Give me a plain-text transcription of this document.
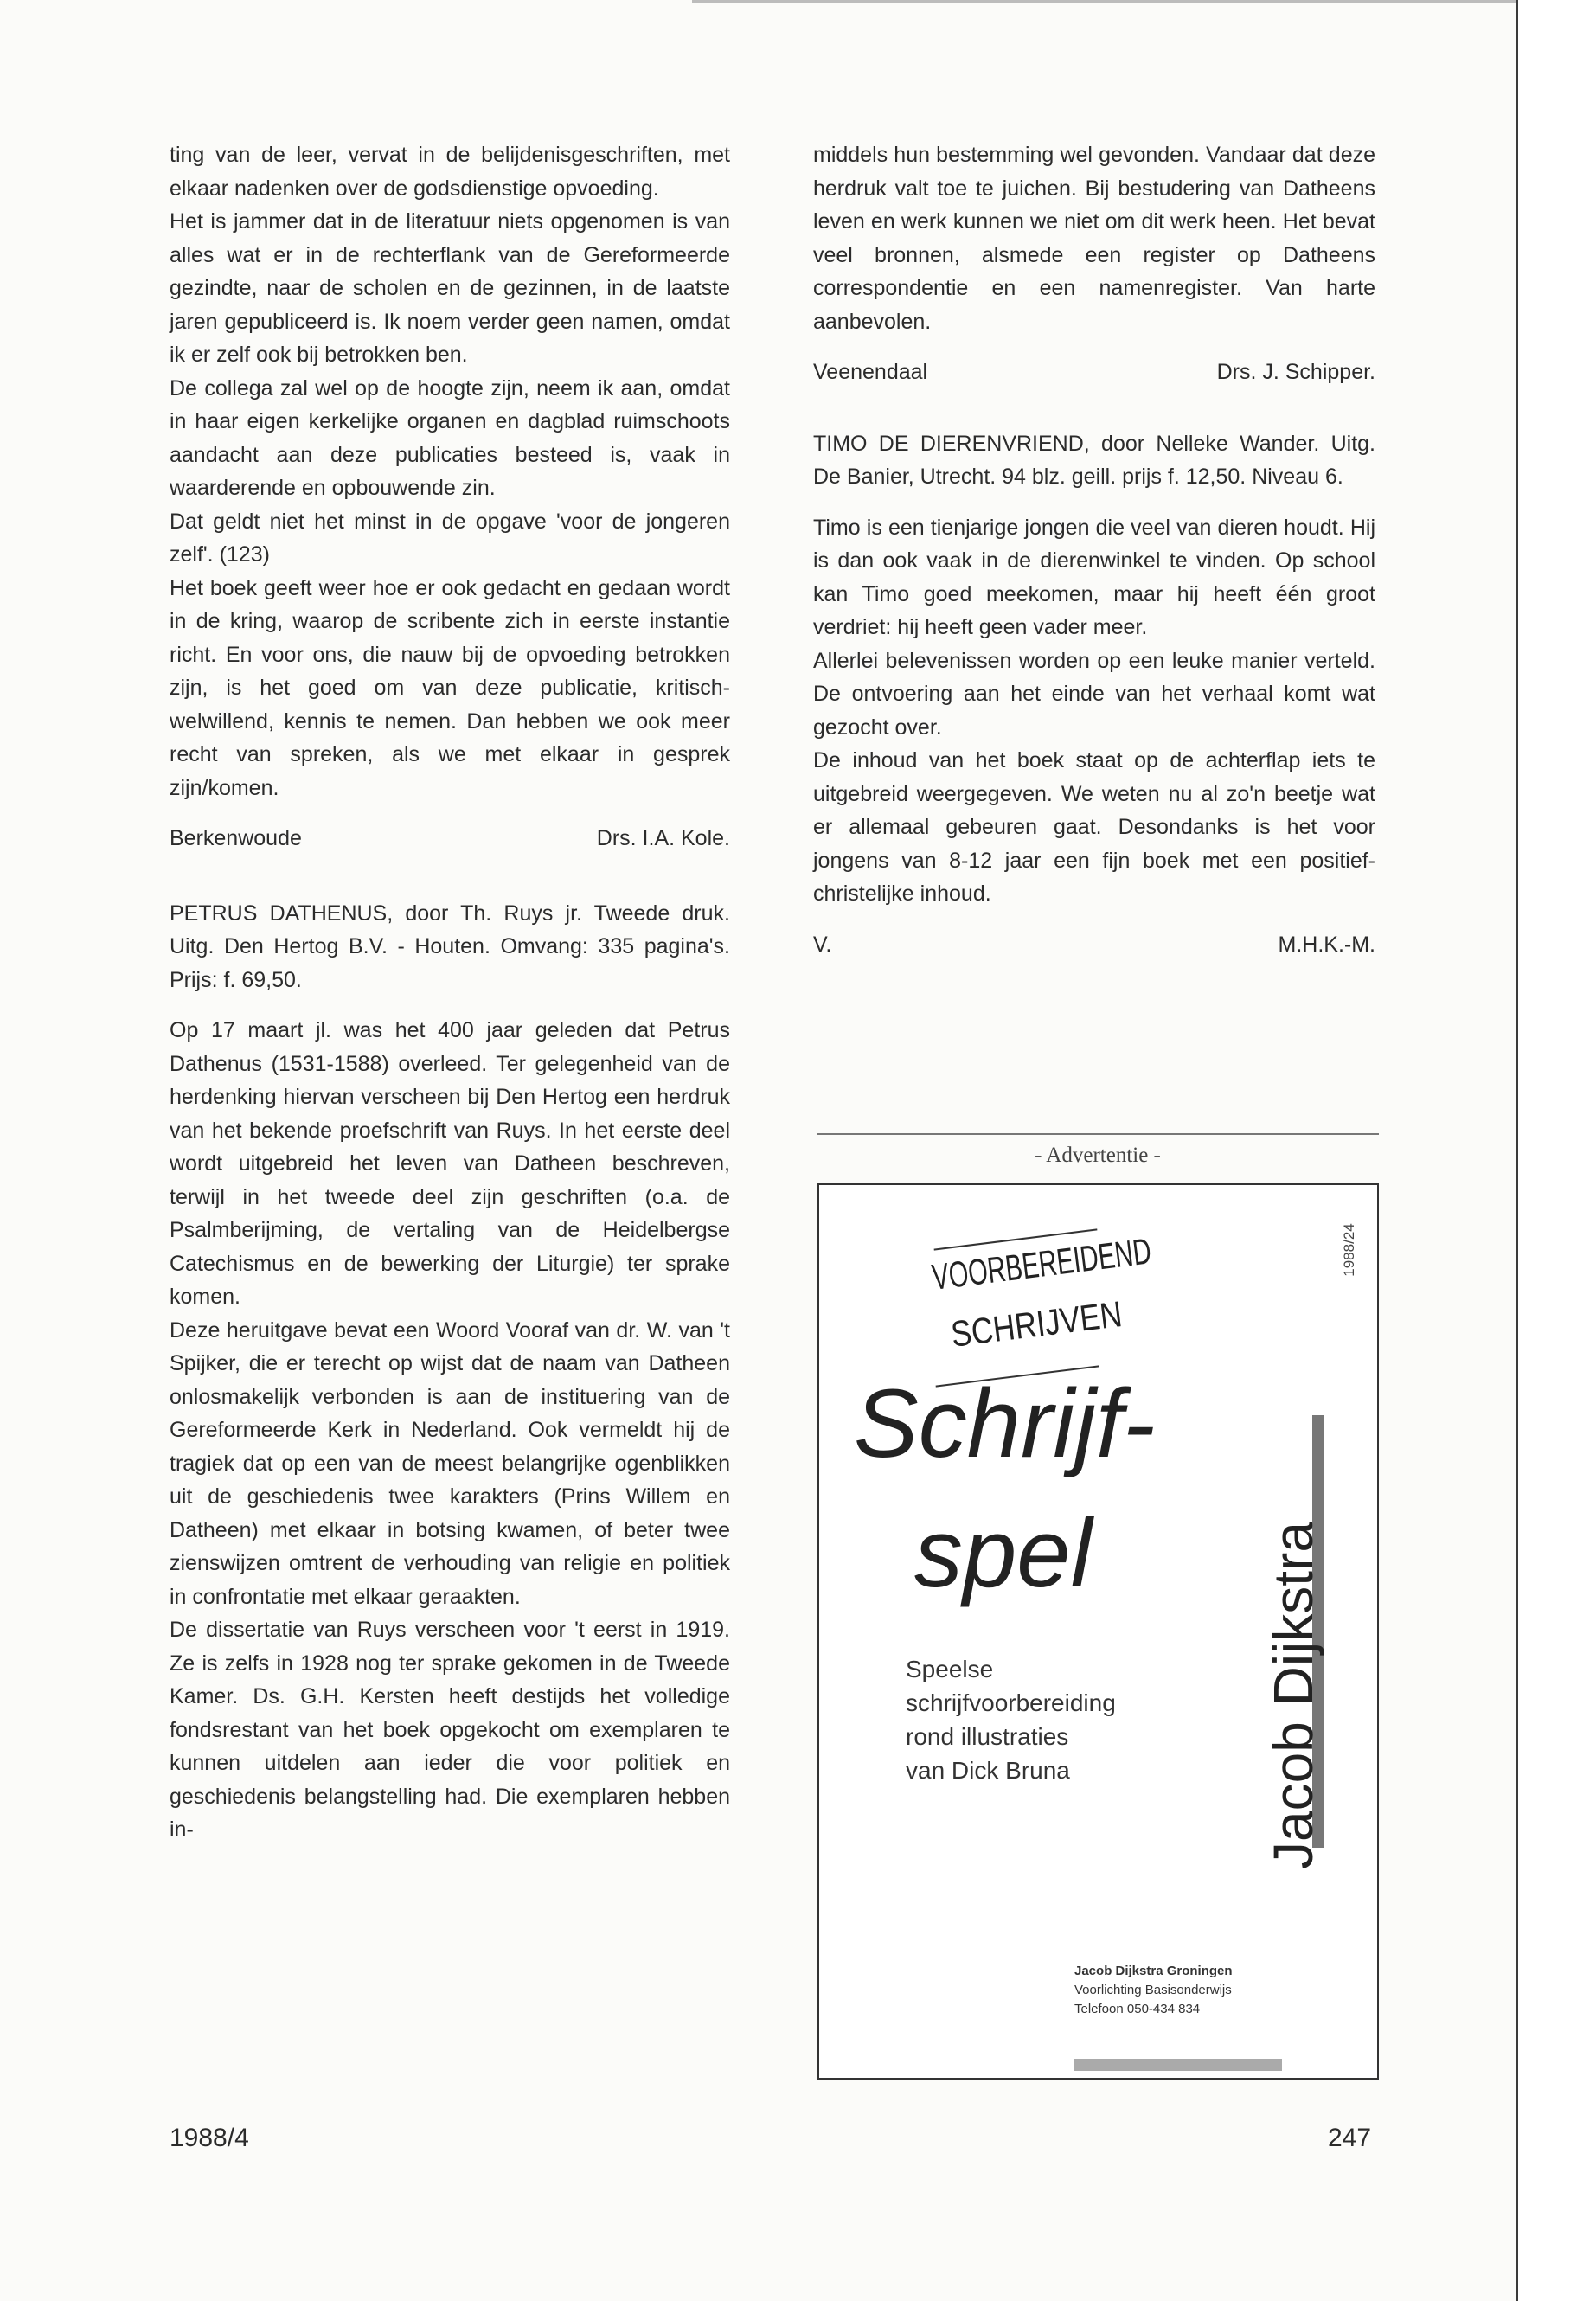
ting van de leer, vervat in de belijdenisgeschriften, met elkaar nadenken over de godsdienstige opvoeding.

Het is jammer dat in de literatuur niets opgenomen is van alles wat er in de rechterflank van de Gereformeerde gezindte, naar de scholen en de gezinnen, in de laatste jaren gepubliceerd is. Ik noem verder geen namen, omdat ik er zelf ook bij betrokken ben.

De collega zal wel op de hoogte zijn, neem ik aan, omdat in haar eigen kerkelijke organen en dagblad ruimschoots aandacht aan deze publicaties besteed is, vaak in waarderende en opbouwende zin.

Dat geldt niet het minst in de opgave 'voor de jongeren zelf'. (123)

Het boek geeft weer hoe er ook gedacht en gedaan wordt in de kring, waarop de scribente zich in eerste instantie richt. En voor ons, die nauw bij de opvoeding betrokken zijn, is het goed om van deze publicatie, kritisch-welwillend, kennis te nemen. Dan hebben we ook meer recht van spreken, als we met elkaar in gesprek zijn/komen.

Berkenwoude	Drs. I.A. Kole.

PETRUS DATHENUS, door Th. Ruys jr. Tweede druk. Uitg. Den Hertog B.V. - Houten. Omvang: 335 pagina's. Prijs: f. 69,50.

Op 17 maart jl. was het 400 jaar geleden dat Petrus Dathenus (1531-1588) overleed. Ter gelegenheid van de herdenking hiervan verscheen bij Den Hertog een herdruk van het bekende proefschrift van Ruys. In het eerste deel wordt uitgebreid het leven van Datheen beschreven, terwijl in het tweede deel zijn geschriften (o.a. de Psalmberijming, de vertaling van de Heidelbergse Catechismus en de bewerking der Liturgie) ter sprake komen.

Deze heruitgave bevat een Woord Vooraf van dr. W. van 't Spijker, die er terecht op wijst dat de naam van Datheen onlosmakelijk verbonden is aan de instituering van de Gereformeerde Kerk in Nederland. Ook vermeldt hij de tragiek dat op een van de meest belangrijke ogenblikken uit de geschiedenis twee karakters (Prins Willem en Datheen) met elkaar in botsing kwamen, of beter twee zienswijzen omtrent de verhouding van religie en politiek in confrontatie met elkaar geraakten.

De dissertatie van Ruys verscheen voor 't eerst in 1919. Ze is zelfs in 1928 nog ter sprake gekomen in de Tweede Kamer. Ds. G.H. Kersten heeft destijds het volledige fondsrestant van het boek opgekocht om exemplaren te kunnen uitdelen aan ieder die voor politiek en geschiedenis belangstelling had. Die exemplaren hebben in-

middels hun bestemming wel gevonden. Vandaar dat deze herdruk valt toe te juichen. Bij bestudering van Datheens leven en werk kunnen we niet om dit werk heen. Het bevat veel bronnen, alsmede een register op Datheens correspondentie en een namenregister. Van harte aanbevolen.

Veenendaal	Drs. J. Schipper.

TIMO DE DIERENVRIEND, door Nelleke Wander. Uitg. De Banier, Utrecht. 94 blz. geill. prijs f. 12,50. Niveau 6.

Timo is een tienjarige jongen die veel van dieren houdt. Hij is dan ook vaak in de dierenwinkel te vinden. Op school kan Timo goed meekomen, maar hij heeft één groot verdriet: hij heeft geen vader meer.

Allerlei belevenissen worden op een leuke manier verteld. De ontvoering aan het einde van het verhaal komt wat gezocht over.

De inhoud van het boek staat op de achterflap iets te uitgebreid weergegeven. We weten nu al zo'n beetje wat er allemaal gebeuren gaat. Desondanks is het voor jongens van 8-12 jaar een fijn boek met een positief-christelijke inhoud.

V.	M.H.K.-M.
- Advertentie -
1988/24
VOORBEREIDEND
SCHRIJVEN
Schrijf-
spel	Jacob Dijkstra
Speelse
schrijfvoorbereiding
rond illustraties
van Dick Bruna
Jacob Dijkstra Groningen
Voorlichting Basisonderwijs
Telefoon 050-434 834
1988/4	247
